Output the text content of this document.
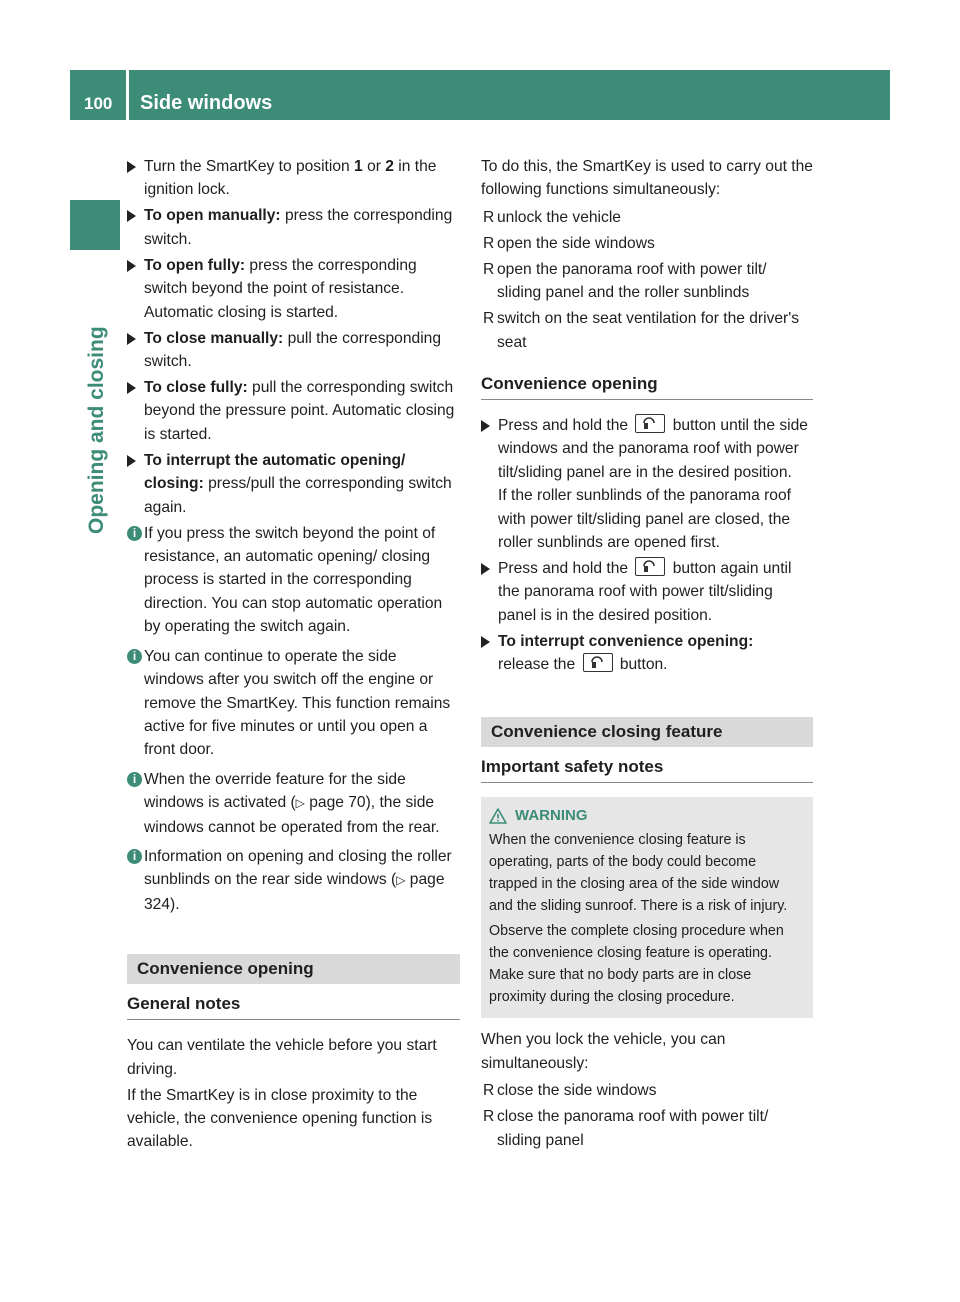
100 Side windows
Opening and closing
Turn the SmartKey to position 1 or 2 in the ignition lock.
To open manually: press the corresponding switch.
To open fully: press the corresponding switch beyond the point of resistance. Automatic closing is started.
To close manually: pull the corresponding switch.
To close fully: pull the corresponding switch beyond the pressure point. Automatic closing is started.
To interrupt the automatic opening/ closing: press/pull the corresponding switch again.
i If you press the switch beyond the point of resistance, an automatic opening/ closing process is started in the corresponding direction. You can stop automatic operation by operating the switch again.
i You can continue to operate the side windows after you switch off the engine or remove the SmartKey. This function remains active for five minutes or until you open a front door.
i When the override feature for the side windows is activated (▷ page 70), the side windows cannot be operated from the rear.
i Information on opening and closing the roller sunblinds on the rear side windows (▷ page 324).
Convenience opening
General notes

You can ventilate the vehicle before you start driving.

If the SmartKey is in close proximity to the vehicle, the convenience opening function is available.

To do this, the SmartKey is used to carry out the following functions simultaneously:

R unlock the vehicle
R open the side windows
R open the panorama roof with power tilt/ sliding panel and the roller sunblinds
R switch on the seat ventilation for the driver's seat
Convenience opening
Press and hold the
button until the side windows and the panorama roof with power tilt/sliding panel are in the desired position.
If the roller sunblinds of the panorama roof with power tilt/sliding panel are closed, the roller sunblinds are opened first.
Press and hold the
button again until the panorama roof with power tilt/sliding panel is in the desired position.
To interrupt convenience opening:
release the
button.
Convenience closing feature
Important safety notes
WARNING

When the convenience closing feature is operating, parts of the body could become trapped in the closing area of the side window and the sliding sunroof. There is a risk of injury.

Observe the complete closing procedure when the convenience closing feature is operating. Make sure that no body parts are in close proximity during the closing procedure.

When you lock the vehicle, you can simultaneously:

R close the side windows
R close the panorama roof with power tilt/ sliding panel
